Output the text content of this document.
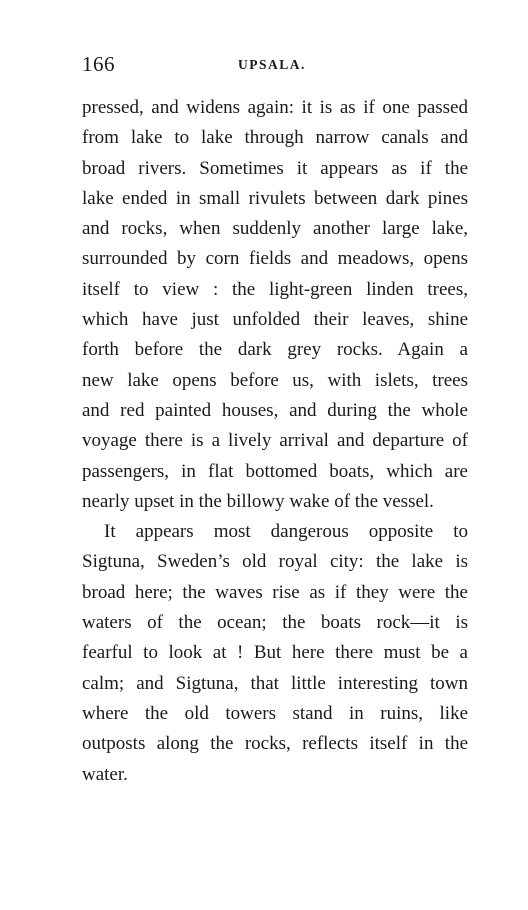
166	UPSALA.
pressed, and widens again: it is as if one passed
from lake to lake through narrow canals and
broad rivers. Sometimes it appears as if the
lake ended in small rivulets between dark pines
and rocks, when suddenly another large lake,
surrounded by corn fields and meadows, opens
itself to view : the light-green linden trees,
which have just unfolded their leaves, shine
forth before the dark grey rocks. Again a
new lake opens before us, with islets, trees
and red painted houses, and during the whole
voyage there is a lively arrival and departure of
passengers, in flat bottomed boats, which are
nearly upset in the billowy wake of the vessel.
It appears most dangerous opposite to
Sigtuna, Sweden’s old royal city: the lake is
broad here; the waves rise as if they were the
waters of the ocean; the boats rock—it is
fearful to look at ! But here there must be a
calm; and Sigtuna, that little interesting town
where the old towers stand in ruins, like
outposts along the rocks, reflects itself in the
water.
